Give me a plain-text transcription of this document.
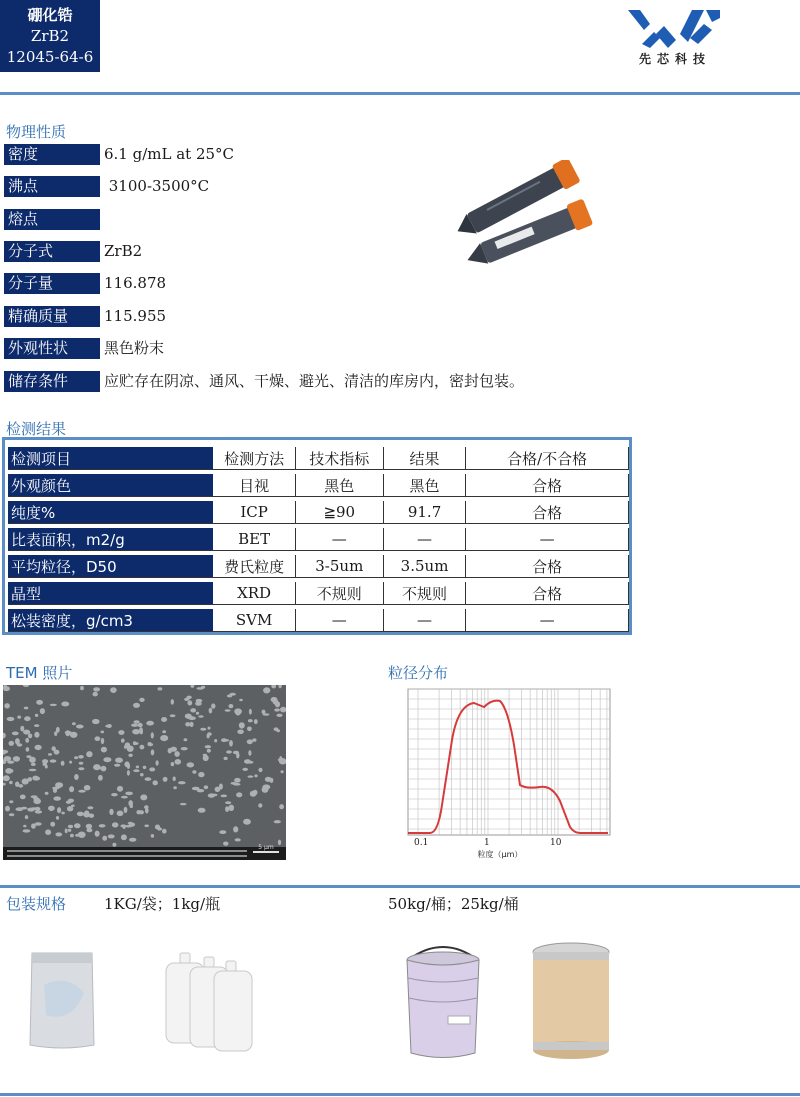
硼化锆
ZrB2
12045-64-6	先芯科技
物理性质
密度	6.1 g/mL at 25°C
沸点	3100-3500°C
熔点
分子式	ZrB2
分子量	116.878
精确质量	115.955
外观性状	黑色粉末
储存条件	应贮存在阴凉、通风、干燥、避光、清洁的库房内，密封包装。
检测结果
检测项目	检测方法	技术指标	结果	合格/不合格
外观颜色	目视	黑色	黑色	合格
纯度%	ICP	≧90	91.7	合格
比表面积，m2/g	BET	—	—	—
平均粒径，D50	费氏粒度	3-5um	3.5um	合格
晶型	XRD	不规则	不规则	合格
松装密度，g/cm3	SVM	—	—	—
TEM 照片	粒径分布
5 μm	0.1	1	10
粒度（μm）
包装规格	1KG/袋；1kg/瓶	50kg/桶；25kg/桶
